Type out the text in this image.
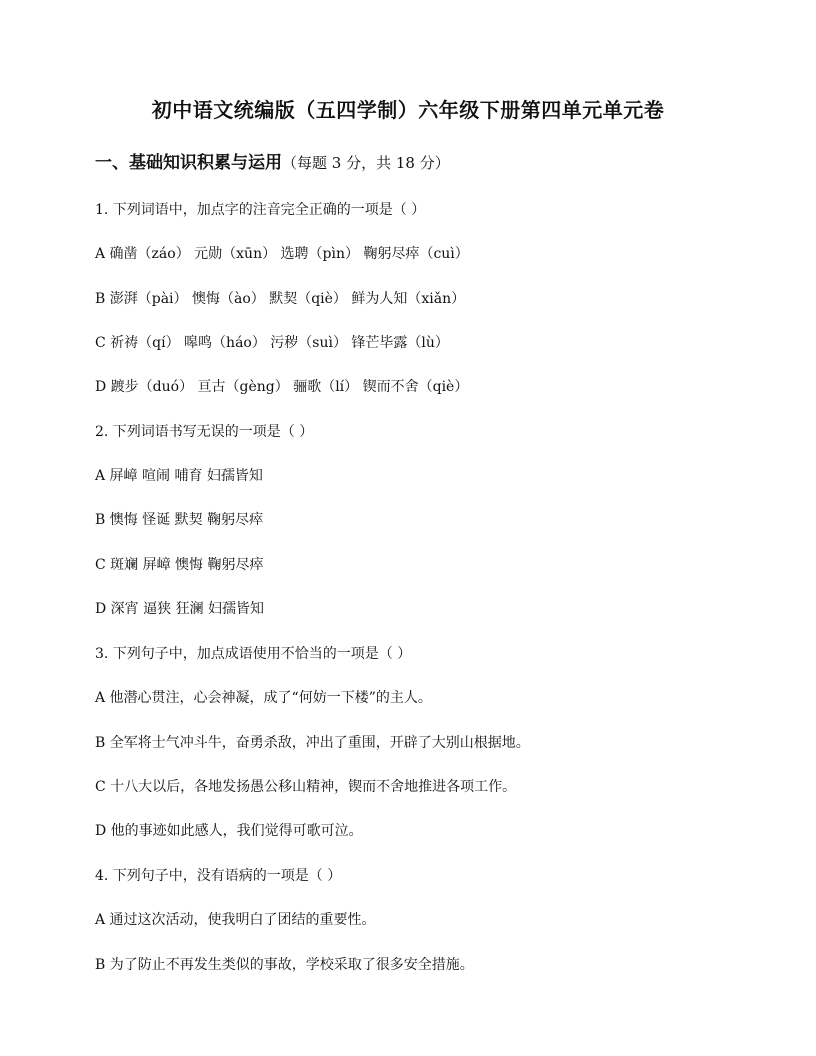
初中语文统编版（五四学制）六年级下册第四单元单元卷
一、基础知识积累与运用（每题 3 分，共 18 分）
1. 下列词语中，加点字的注音完全正确的一项是（ ）
A 确凿（záo） 元勋（xūn） 选聘（pìn） 鞠躬尽瘁（cuì）
B 澎湃（pài） 懊悔（ào） 默契（qiè） 鲜为人知（xiǎn）
C 祈祷（qí） 嗥鸣（háo） 污秽（suì） 锋芒毕露（lù）
D 踱步（duó） 亘古（gèng） 骊歌（lí） 锲而不舍（qiè）
2. 下列词语书写无误的一项是（ ）
A 屏嶂 喧闹 哺育 妇孺皆知
B 懊悔 怪诞 默契 鞠躬尽瘁
C 斑斓 屏嶂 懊悔 鞠躬尽瘁
D 深宵 逼狭 狂澜 妇孺皆知
3. 下列句子中，加点成语使用不恰当的一项是（ ）
A 他潜心贯注，心会神凝，成了“何妨一下楼”的主人。
B 全军将士气冲斗牛，奋勇杀敌，冲出了重围，开辟了大别山根据地。
C 十八大以后，各地发扬愚公移山精神，锲而不舍地推进各项工作。
D 他的事迹如此感人，我们觉得可歌可泣。
4. 下列句子中，没有语病的一项是（ ）
A 通过这次活动，使我明白了团结的重要性。
B 为了防止不再发生类似的事故，学校采取了很多安全措施。
